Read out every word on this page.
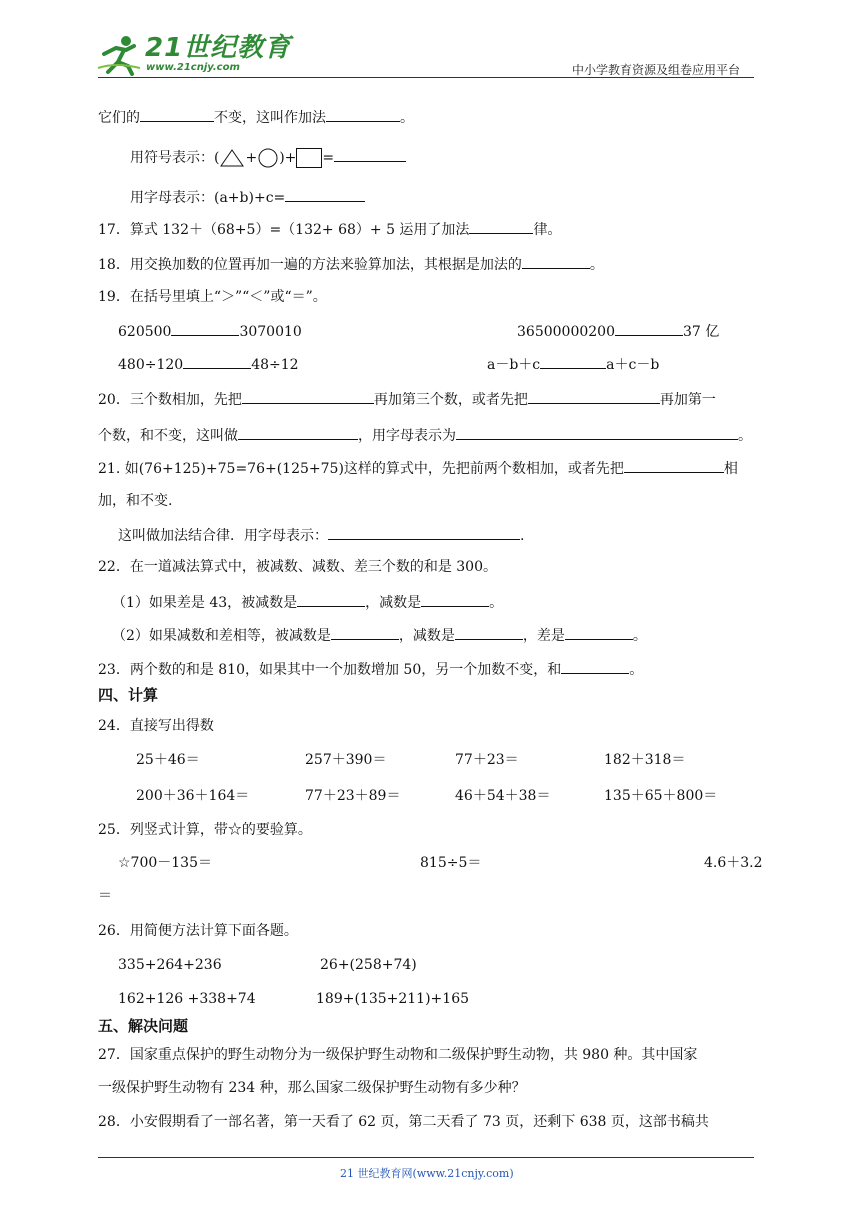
21世纪教育
www.21cnjy.com	中小学教育资源及组卷应用平台
它们的	不变，这叫作加法	。
用符号表示：( + )+ =
用字母表示：(a+b)+c=
17．算式 132＋（68+5）=（132+ 68）+ 5 运用了加法	律。
18．用交换加数的位置再加一遍的方法来验算加法，其根据是加法的	。
19．在括号里填上“＞”“＜”或“＝”。
620500	3070010	36500000200	37 亿
480÷120	48÷12	a－b＋c	a＋c－b
20．三个数相加，先把	再加第三个数，或者先把	再加第一
个数，和不变，这叫做	，用字母表示为	。
21. 如(76+125)+75=76+(125+75)这样的算式中，先把前两个数相加，或者先把	相
加，和不变.
这叫做加法结合律．用字母表示：	.
22．在一道减法算式中，被减数、减数、差三个数的和是 300。
（1）如果差是 43，被减数是	，减数是	。
（2）如果减数和差相等，被减数是	，减数是	，差是	。
23．两个数的和是 810，如果其中一个加数增加 50，另一个加数不变，和	。
四、计算
24．直接写出得数
25＋46＝	257＋390＝	77＋23＝	182＋318＝
200＋36＋164＝	77＋23＋89＝	46＋54＋38＝	135＋65＋800＝
25．列竖式计算，带☆的要验算。
☆700－135＝	815÷5＝	4.6＋3.2
＝
26．用简便方法计算下面各题。
335+264+236	26+(258+74)
162+126 +338+74	189+(135+211)+165
五、解决问题
27．国家重点保护的野生动物分为一级保护野生动物和二级保护野生动物，共 980 种。其中国家
一级保护野生动物有 234 种，那么国家二级保护野生动物有多少种？
28．小安假期看了一部名著，第一天看了 62 页，第二天看了 73 页，还剩下 638 页，这部书稿共
21 世纪教育网(www.21cnjy.com)
